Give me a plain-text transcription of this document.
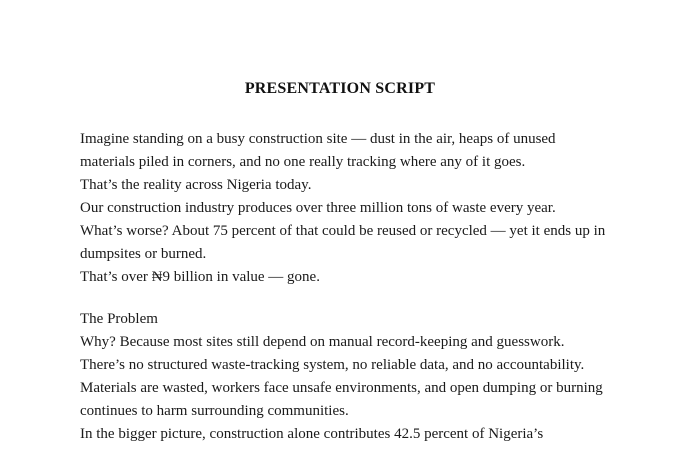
PRESENTATION SCRIPT

Imagine standing on a busy construction site — dust in the air, heaps of unused materials piled in corners, and no one really tracking where any of it goes.

That’s the reality across Nigeria today.

Our construction industry produces over three million tons of waste every year.

What’s worse? About 75 percent of that could be reused or recycled — yet it ends up in dumpsites or burned.

That’s over ₦9 billion in value — gone.

The Problem

Why? Because most sites still depend on manual record-keeping and guesswork.

There’s no structured waste-tracking system, no reliable data, and no accountability.

Materials are wasted, workers face unsafe environments, and open dumping or burning continues to harm surrounding communities.

In the bigger picture, construction alone contributes 42.5 percent of Nigeria’s
